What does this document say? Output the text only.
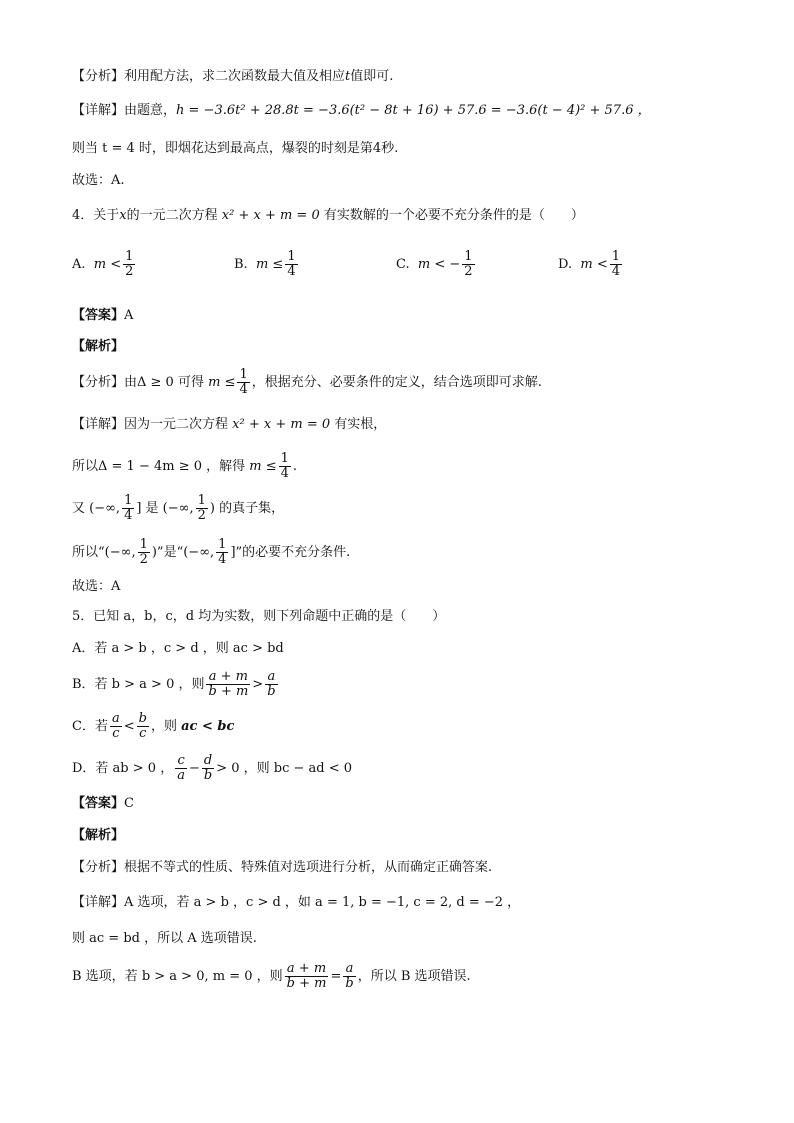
【分析】利用配方法，求二次函数最大值及相应t值即可.
【详解】由题意，h = −3.6t² + 28.8t = −3.6(t² − 8t + 16) + 57.6 = −3.6(t − 4)² + 57.6 ，
则当 t = 4 时，即烟花达到最高点，爆裂的时刻是第4秒.
故选：A.
4．关于x的一元二次方程 x² + x + m = 0 有实数解的一个必要不充分条件的是（　　）
A. $m < \frac{1}{2}$	B. $m \le \frac{1}{4}$	C. m < − $\frac{1}{2}$	D. $m < \frac{1}{4}$
【答案】A
【解析】
【分析】由Δ ≥ 0 可得 $m \le \frac{1}{4}$ ，根据充分、必要条件的定义，结合选项即可求解.
【详解】因为一元二次方程 x² + x + m = 0 有实根，
所以Δ = 1 − 4m ≥ 0 ，解得 $m \le \frac{1}{4}$ .
又 (−∞, $\frac{1}{4}$ ] 是 (−∞, $\frac{1}{2}$ ) 的真子集，
所以“(−∞, $\frac{1}{2}$ )”是“(−∞, $\frac{1}{4}$ ]”的必要不充分条件.
故选：A
5．已知 a，b，c，d 均为实数，则下列命题中正确的是（　　）
A．若 a > b ，c > d ，则 ac > bd
B．若 b > a > 0 ，则 $\frac{a + m}{b + m} > \frac{a}{b}$
C．若 $\frac{a}{c} < \frac{b}{c}$ ，则 ac < bc
D．若 ab > 0 ， $\frac{c}{a} - \frac{d}{b} > 0$ ，则 bc − ad < 0
【答案】C
【解析】
【分析】根据不等式的性质、特殊值对选项进行分析，从而确定正确答案.
【详解】A 选项，若 a > b ，c > d ，如 a = 1, b = −1, c = 2, d = −2 ，
则 ac = bd ，所以 A 选项错误.
B 选项，若 b > a > 0, m = 0 ，则 $\frac{a + m}{b + m} = \frac{a}{b}$ ，所以 B 选项错误.
